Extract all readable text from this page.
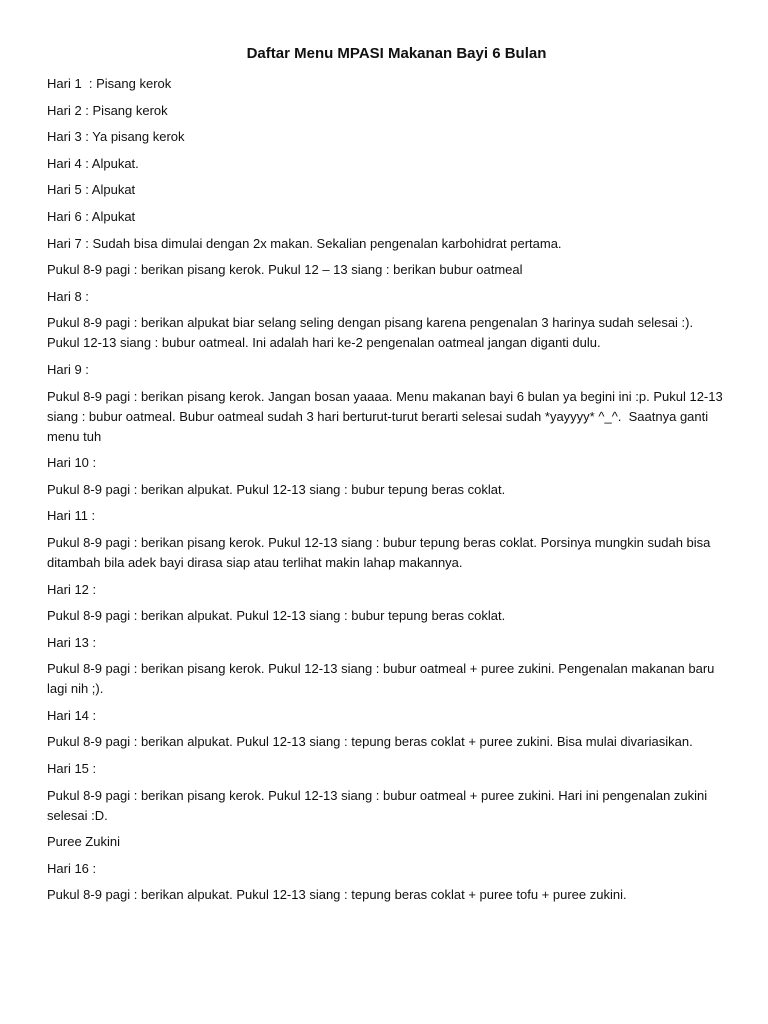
Daftar Menu MPASI Makanan Bayi 6 Bulan

Hari 1  : Pisang kerok

Hari 2 : Pisang kerok

Hari 3 : Ya pisang kerok

Hari 4 : Alpukat.

Hari 5 : Alpukat

Hari 6 : Alpukat

Hari 7 : Sudah bisa dimulai dengan 2x makan. Sekalian pengenalan karbohidrat pertama.

Pukul 8-9 pagi : berikan pisang kerok. Pukul 12 – 13 siang : berikan bubur oatmeal

Hari 8 :

Pukul 8-9 pagi : berikan alpukat biar selang seling dengan pisang karena pengenalan 3 harinya sudah selesai :). Pukul 12-13 siang : bubur oatmeal. Ini adalah hari ke-2 pengenalan oatmeal jangan diganti dulu.

Hari 9 :

Pukul 8-9 pagi : berikan pisang kerok. Jangan bosan yaaaa. Menu makanan bayi 6 bulan ya begini ini :p. Pukul 12-13 siang : bubur oatmeal. Bubur oatmeal sudah 3 hari berturut-turut berarti selesai sudah *yayyyy* ^_^.  Saatnya ganti menu tuh

Hari 10 :

Pukul 8-9 pagi : berikan alpukat. Pukul 12-13 siang : bubur tepung beras coklat.

Hari 11 :

Pukul 8-9 pagi : berikan pisang kerok. Pukul 12-13 siang : bubur tepung beras coklat. Porsinya mungkin sudah bisa ditambah bila adek bayi dirasa siap atau terlihat makin lahap makannya.

Hari 12 :

Pukul 8-9 pagi : berikan alpukat. Pukul 12-13 siang : bubur tepung beras coklat.

Hari 13 :

Pukul 8-9 pagi : berikan pisang kerok. Pukul 12-13 siang : bubur oatmeal + puree zukini. Pengenalan makanan baru lagi nih ;).

Hari 14 :

Pukul 8-9 pagi : berikan alpukat. Pukul 12-13 siang : tepung beras coklat + puree zukini. Bisa mulai divariasikan.

Hari 15 :

Pukul 8-9 pagi : berikan pisang kerok. Pukul 12-13 siang : bubur oatmeal + puree zukini. Hari ini pengenalan zukini selesai :D.

Puree Zukini

Hari 16 :

Pukul 8-9 pagi : berikan alpukat. Pukul 12-13 siang : tepung beras coklat + puree tofu + puree zukini.
